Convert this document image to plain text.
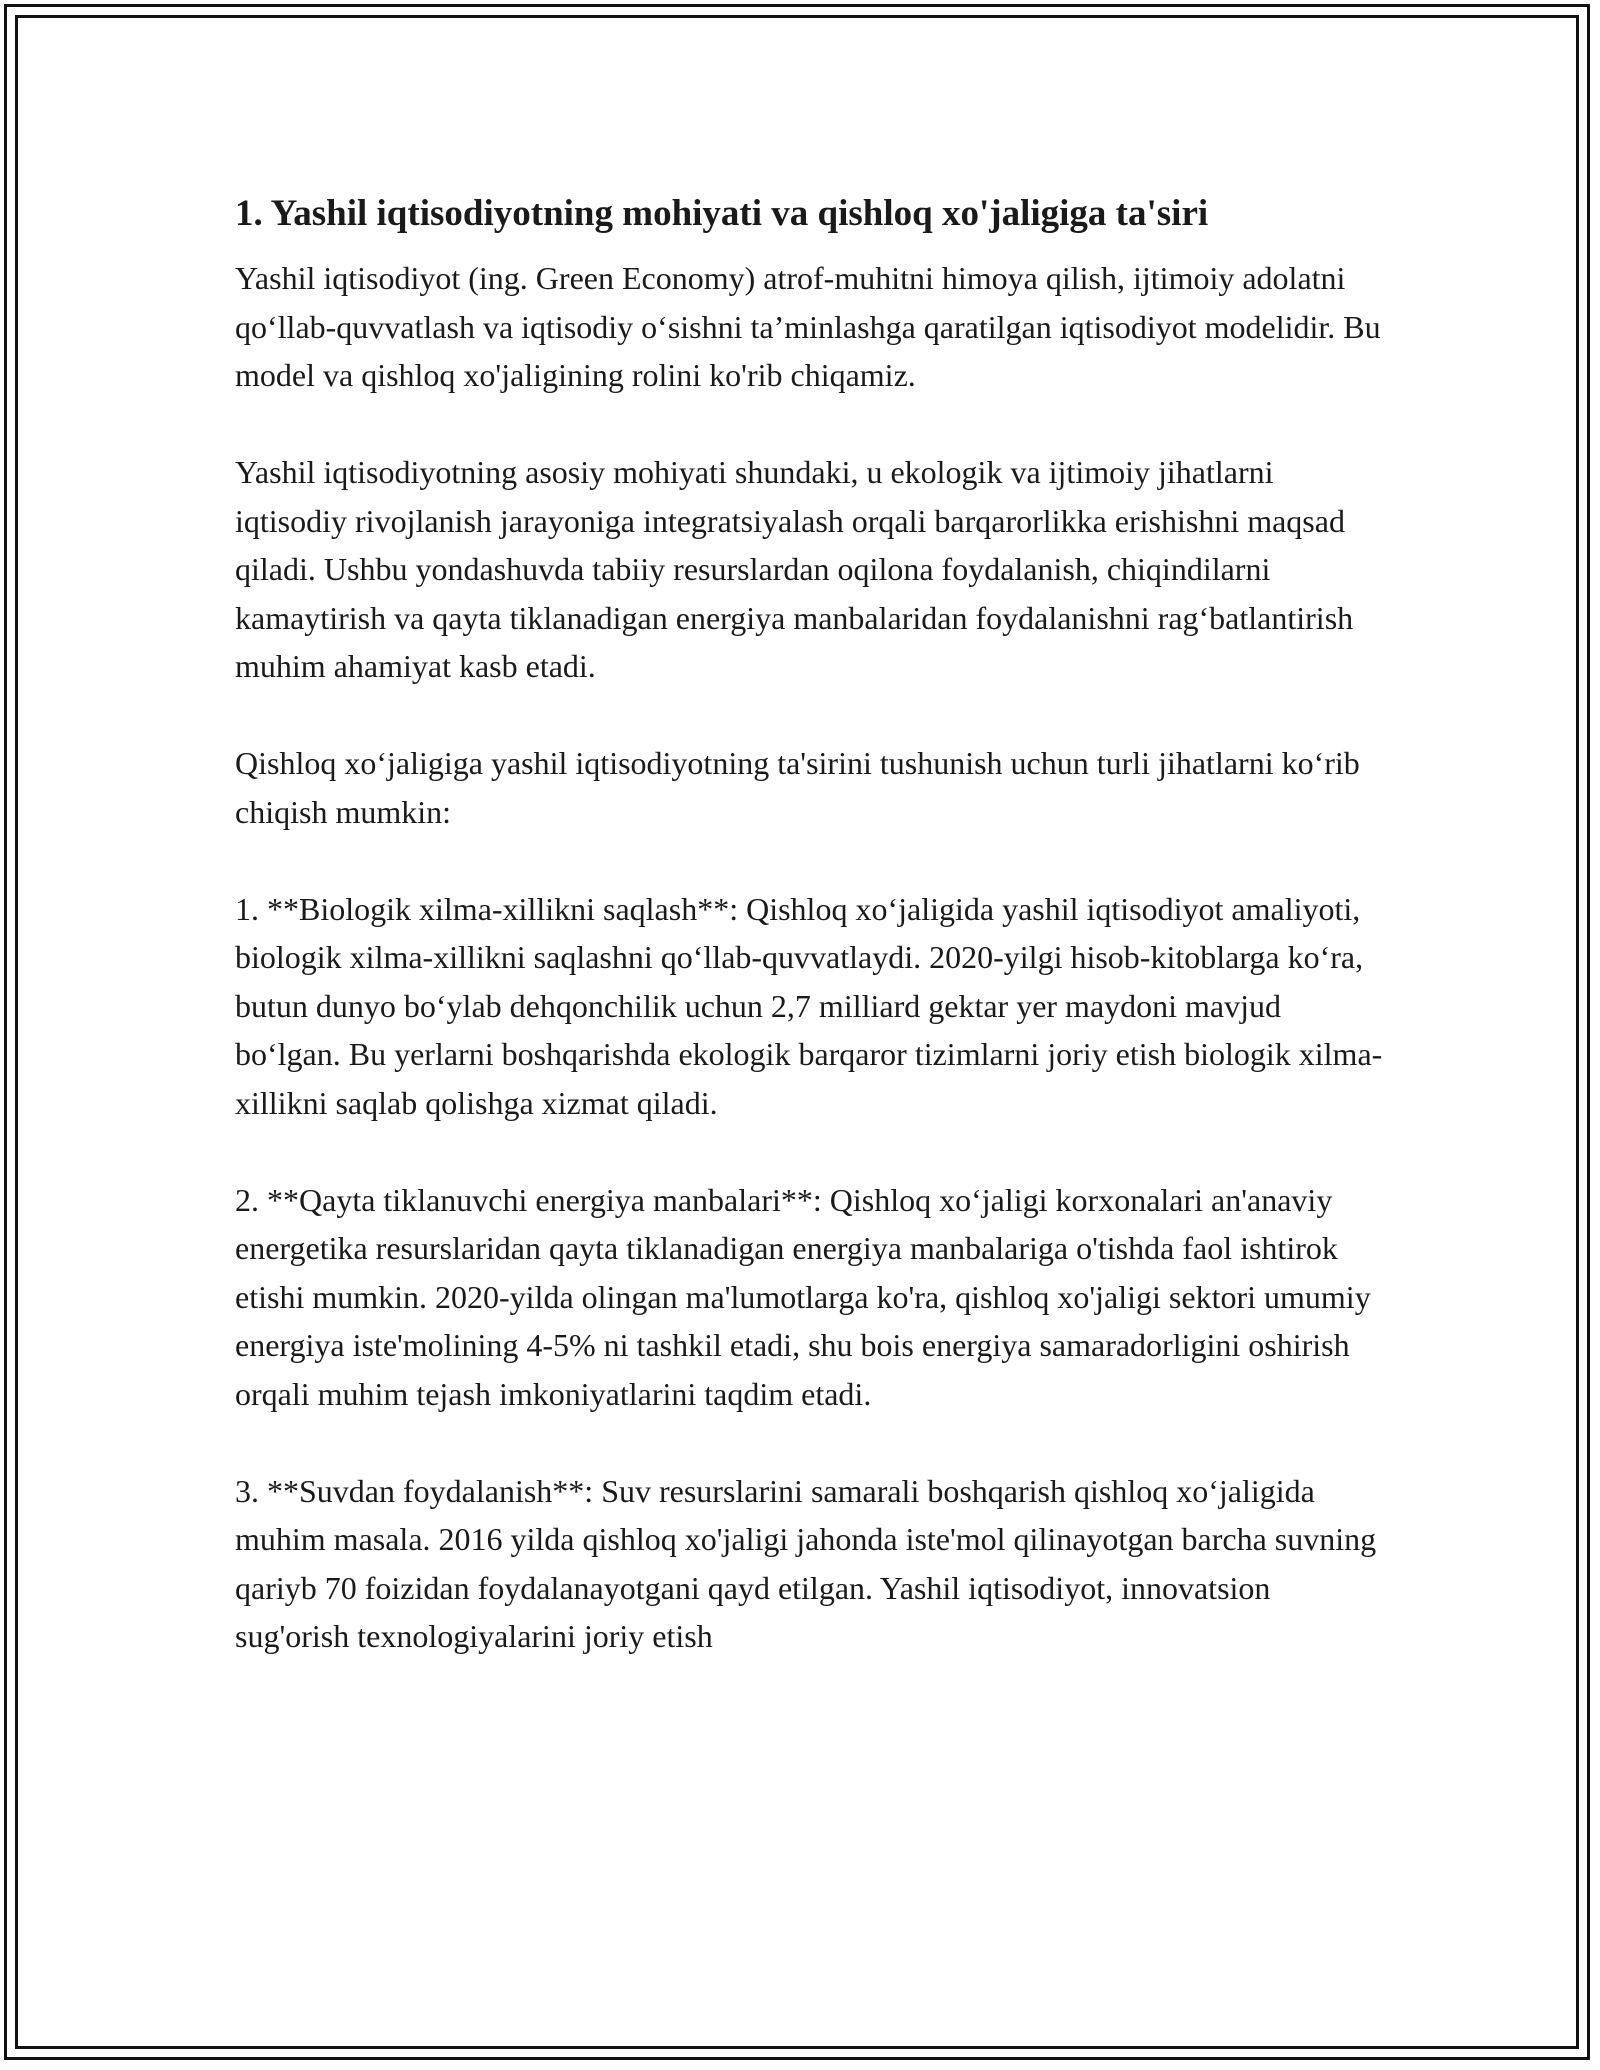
1. Yashil iqtisodiyotning mohiyati va qishloq xo'jaligiga ta'siri

Yashil iqtisodiyot (ing. Green Economy) atrof-muhitni himoya qilish, ijtimoiy adolatni qo‘llab-quvvatlash va iqtisodiy o‘sishni ta’minlashga qaratilgan iqtisodiyot modelidir. Bu model va qishloq xo'jaligining rolini ko'rib chiqamiz.

Yashil iqtisodiyotning asosiy mohiyati shundaki, u ekologik va ijtimoiy jihatlarni iqtisodiy rivojlanish jarayoniga integratsiyalash orqali barqarorlikka erishishni maqsad qiladi. Ushbu yondashuvda tabiiy resurslardan oqilona foydalanish, chiqindilarni kamaytirish va qayta tiklanadigan energiya manbalaridan foydalanishni rag‘batlantirish muhim ahamiyat kasb etadi.

Qishloq xo‘jaligiga yashil iqtisodiyotning ta'sirini tushunish uchun turli jihatlarni ko‘rib chiqish mumkin:

1. **Biologik xilma-xillikni saqlash**: Qishloq xo‘jaligida yashil iqtisodiyot amaliyoti, biologik xilma-xillikni saqlashni qo‘llab-quvvatlaydi. 2020-yilgi hisob-kitoblarga ko‘ra, butun dunyo bo‘ylab dehqonchilik uchun 2,7 milliard gektar yer maydoni mavjud bo‘lgan. Bu yerlarni boshqarishda ekologik barqaror tizimlarni joriy etish biologik xilma-xillikni saqlab qolishga xizmat qiladi.

2. **Qayta tiklanuvchi energiya manbalari**: Qishloq xo‘jaligi korxonalari an'anaviy energetika resurslaridan qayta tiklanadigan energiya manbalariga o'tishda faol ishtirok etishi mumkin. 2020-yilda olingan ma'lumotlarga ko'ra, qishloq xo'jaligi sektori umumiy energiya iste'molining 4-5% ni tashkil etadi, shu bois energiya samaradorligini oshirish orqali muhim tejash imkoniyatlarini taqdim etadi.

3. **Suvdan foydalanish**: Suv resurslarini samarali boshqarish qishloq xo‘jaligida muhim masala. 2016 yilda qishloq xo'jaligi jahonda iste'mol qilinayotgan barcha suvning qariyb 70 foizidan foydalanayotgani qayd etilgan. Yashil iqtisodiyot, innovatsion sug'orish texnologiyalarini joriy etish
